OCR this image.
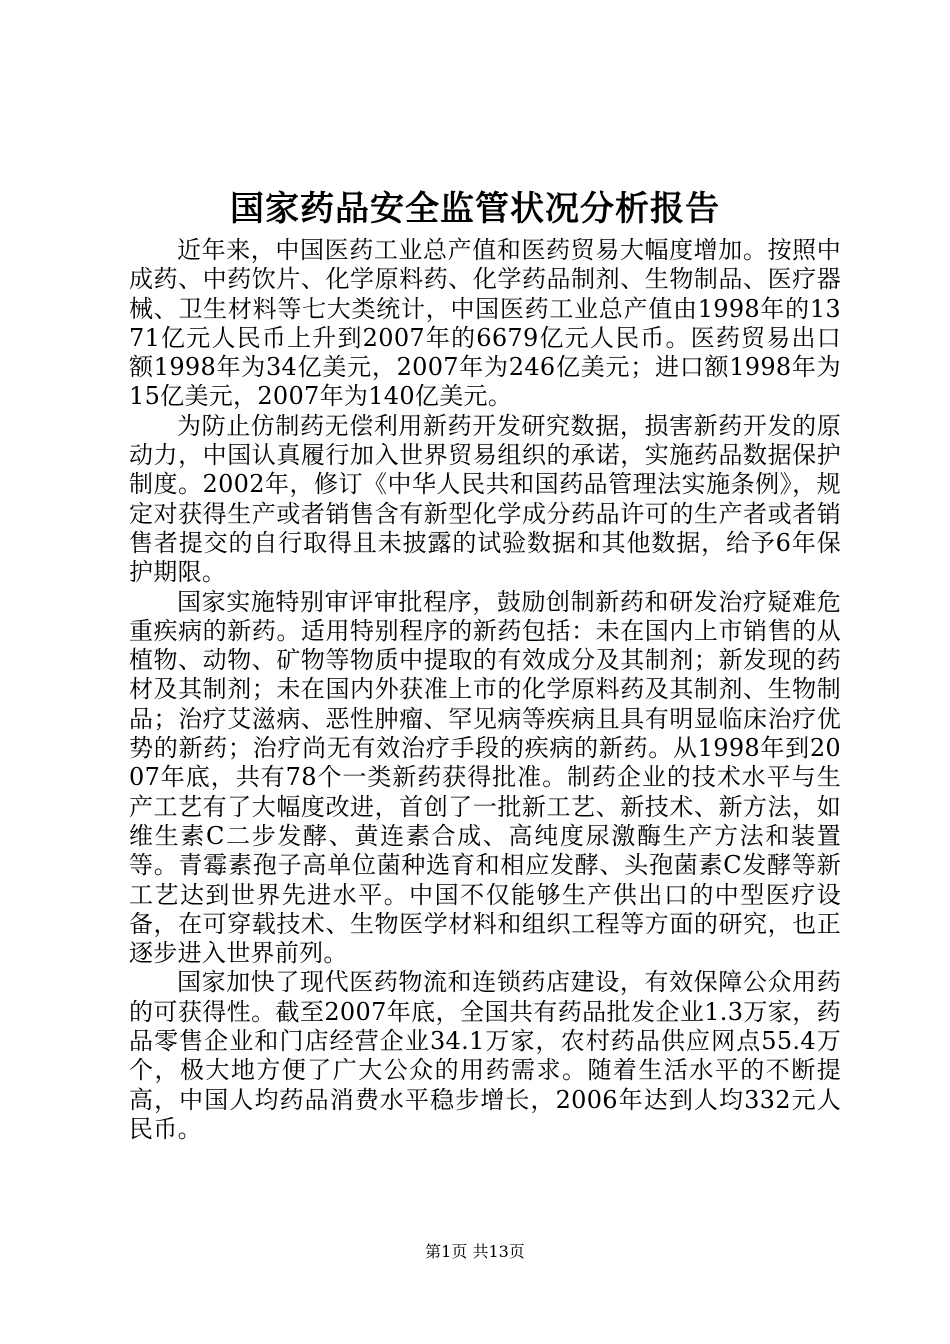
国家药品安全监管状况分析报告

近年来，中国医药工业总产值和医药贸易大幅度增加。按照中成药、中药饮片、化学原料药、化学药品制剂、生物制品、医疗器械、卫生材料等七大类统计，中国医药工业总产值由1998年的1371亿元人民币上升到2007年的6679亿元人民币。医药贸易出口额1998年为34亿美元，2007年为246亿美元；进口额1998年为15亿美元，2007年为140亿美元。

为防止仿制药无偿利用新药开发研究数据，损害新药开发的原动力，中国认真履行加入世界贸易组织的承诺，实施药品数据保护制度。2002年，修订《中华人民共和国药品管理法实施条例》，规定对获得生产或者销售含有新型化学成分药品许可的生产者或者销售者提交的自行取得且未披露的试验数据和其他数据，给予6年保护期限。

国家实施特别审评审批程序，鼓励创制新药和研发治疗疑难危重疾病的新药。适用特别程序的新药包括：未在国内上市销售的从植物、动物、矿物等物质中提取的有效成分及其制剂；新发现的药材及其制剂；未在国内外获准上市的化学原料药及其制剂、生物制品；治疗艾滋病、恶性肿瘤、罕见病等疾病且具有明显临床治疗优势的新药；治疗尚无有效治疗手段的疾病的新药。从1998年到2007年底，共有78个一类新药获得批准。制药企业的技术水平与生产工艺有了大幅度改进，首创了一批新工艺、新技术、新方法，如维生素C二步发酵、黄连素合成、高纯度尿激酶生产方法和装置等。青霉素孢子高单位菌种选育和相应发酵、头孢菌素C发酵等新工艺达到世界先进水平。中国不仅能够生产供出口的中型医疗设备，在可穿载技术、生物医学材料和组织工程等方面的研究，也正逐步进入世界前列。

国家加快了现代医药物流和连锁药店建设，有效保障公众用药的可获得性。截至2007年底，全国共有药品批发企业1.3万家，药品零售企业和门店经营企业34.1万家，农村药品供应网点55.4万个，极大地方便了广大公众的用药需求。随着生活水平的不断提高，中国人均药品消费水平稳步增长，2006年达到人均332元人民币。

第1页 共13页
